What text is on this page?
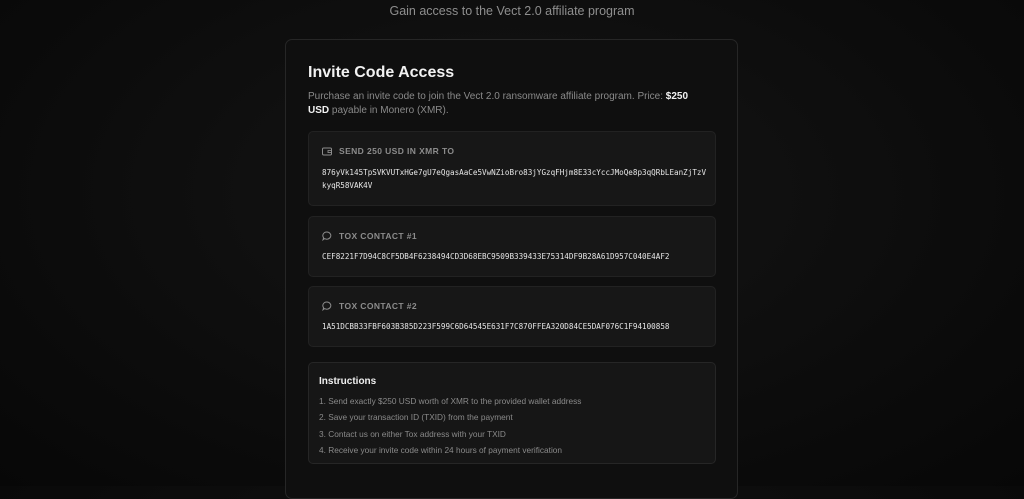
Gain access to the Vect 2.0 affiliate program
Invite Code Access
Purchase an invite code to join the Vect 2.0 ransomware affiliate program. Price: $250 USD payable in Monero (XMR).
SEND 250 USD IN XMR TO
876yVk145TpSVKVUTxHGe7gU7eQgasAaCe5VwNZioBro83jYGzqFHjm8E33cYccJMoQe8p3qQRbLEanZjTzVkyqR58VAK4V
TOX CONTACT #1
CEF8221F7D94C8CF5DB4F6238494CD3D68EBC9509B339433E75314DF9B28A61D957C040E4AF2
TOX CONTACT #2
1A51DCBB33FBF603B385D223F599C6D64545E631F7C870FFEA320D84CE5DAF076C1F94100858
Instructions
1. Send exactly $250 USD worth of XMR to the provided wallet address
2. Save your transaction ID (TXID) from the payment
3. Contact us on either Tox address with your TXID
4. Receive your invite code within 24 hours of payment verification
